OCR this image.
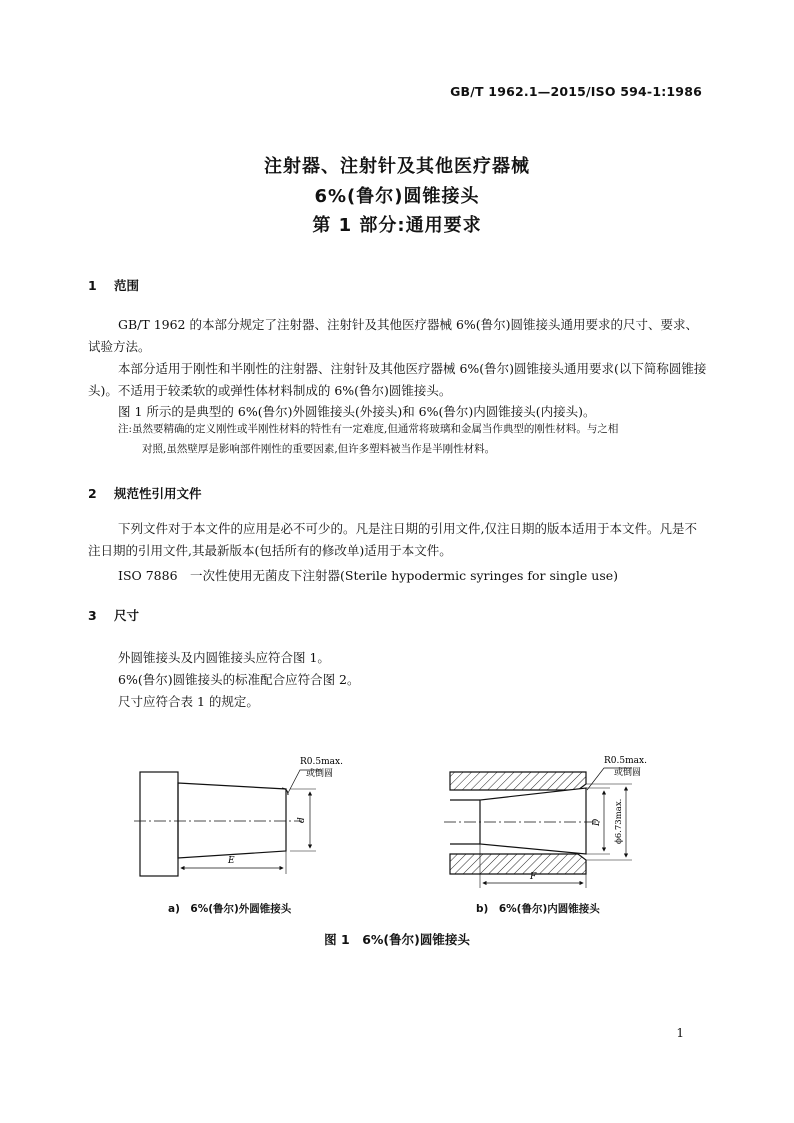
GB/T 1962.1—2015/ISO 594-1:1986
注射器、注射针及其他医疗器械
6%(鲁尔)圆锥接头
第 1 部分:通用要求
1 范围
GB/T 1962 的本部分规定了注射器、注射针及其他医疗器械 6%(鲁尔)圆锥接头通用要求的尺寸、要求、试验方法。
本部分适用于刚性和半刚性的注射器、注射针及其他医疗器械 6%(鲁尔)圆锥接头通用要求(以下简称圆锥接头)。不适用于较柔软的或弹性体材料制成的 6%(鲁尔)圆锥接头。
图 1 所示的是典型的 6%(鲁尔)外圆锥接头(外接头)和 6%(鲁尔)内圆锥接头(内接头)。
注:虽然要精确的定义刚性或半刚性材料的特性有一定难度,但通常将玻璃和金属当作典型的刚性材料。与之相
对照,虽然壁厚是影响部件刚性的重要因素,但许多塑料被当作是半刚性材料。
2 规范性引用文件
下列文件对于本文件的应用是必不可少的。凡是注日期的引用文件,仅注日期的版本适用于本文件。凡是不注日期的引用文件,其最新版本(包括所有的修改单)适用于本文件。
ISO 7886　一次性使用无菌皮下注射器(Sterile hypodermic syringes for single use)
3 尺寸
外圆锥接头及内圆锥接头应符合图 1。
6%(鲁尔)圆锥接头的标准配合应符合图 2。
尺寸应符合表 1 的规定。
R0.5max.
或倒圆
d
E
R0.5max.
或倒圆
D ϕ6.73max.
F
a)　6%(鲁尔)外圆锥接头	b)　6%(鲁尔)内圆锥接头
图 1　6%(鲁尔)圆锥接头
1
